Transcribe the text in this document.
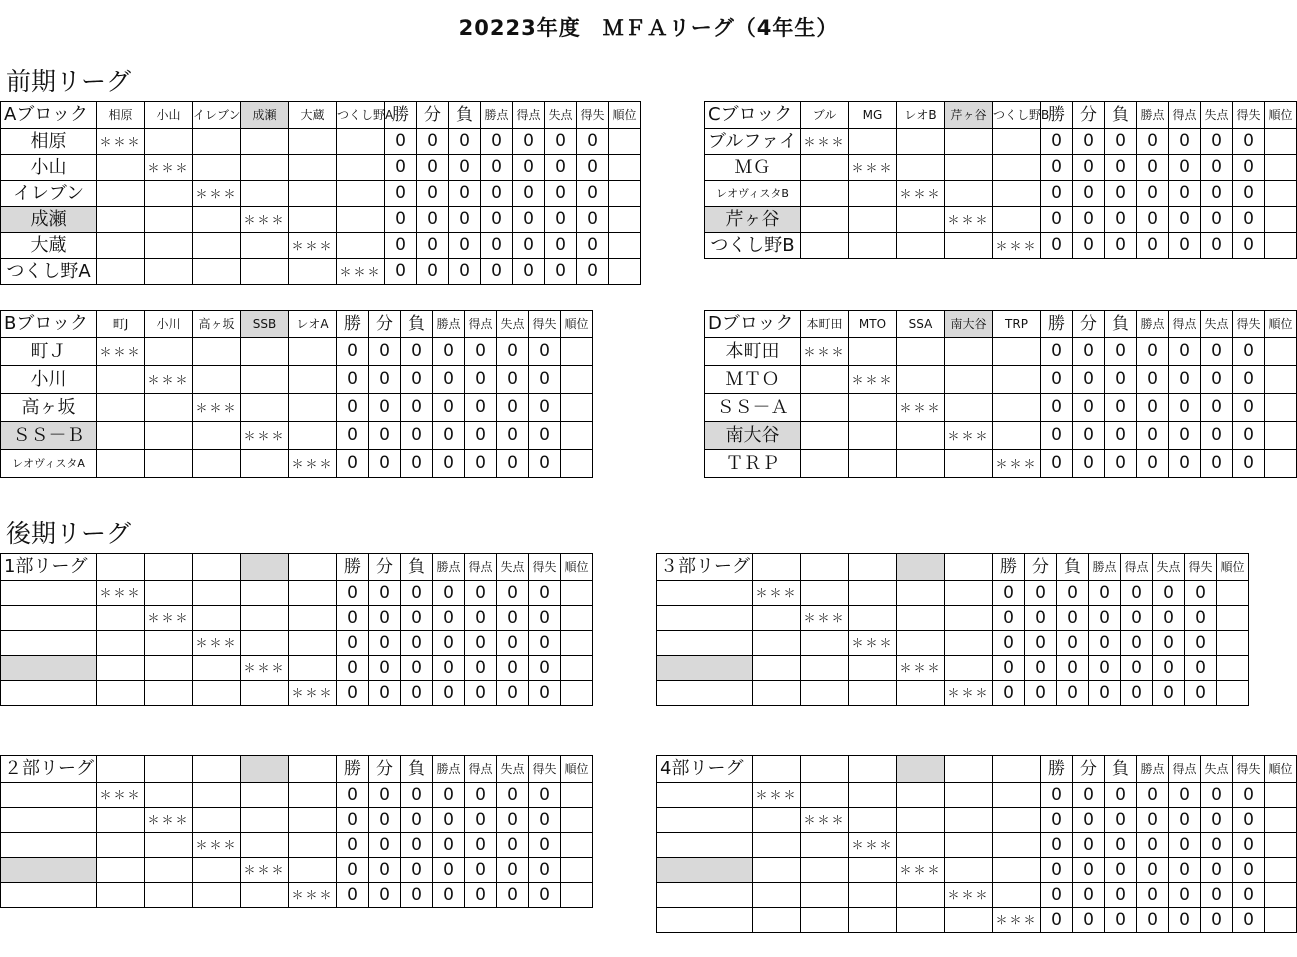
20223年度　ＭＦＡリーグ（4年生）
前期リーグ
後期リーグ
Aブロック	相原	小山	イレブン	成瀬	大蔵	つくし野A	勝	分	負	勝点	得点	失点	得失	順位
相原	＊＊＊						0	0	0	0	0	0	0	
小山		＊＊＊					0	0	0	0	0	0	0	
イレブン			＊＊＊				0	0	0	0	0	0	0	
成瀬				＊＊＊			0	0	0	0	0	0	0	
大蔵					＊＊＊		0	0	0	0	0	0	0	
つくし野A						＊＊＊	0	0	0	0	0	0	0	
Cブロック	ブル	MG	レオB	芹ヶ谷	つくし野B	勝	分	負	勝点	得点	失点	得失	順位
ブルファイ	＊＊＊					0	0	0	0	0	0	0	
ＭＧ		＊＊＊				0	0	0	0	0	0	0	
レオヴィスタB			＊＊＊			0	0	0	0	0	0	0	
芹ヶ谷				＊＊＊		0	0	0	0	0	0	0	
つくし野B					＊＊＊	0	0	0	0	0	0	0	
Bブロック	町J	小川	高ヶ坂	SSB	レオA	勝	分	負	勝点	得点	失点	得失	順位
町Ｊ	＊＊＊					0	0	0	0	0	0	0	
小川		＊＊＊				0	0	0	0	0	0	0	
高ヶ坂			＊＊＊			0	0	0	0	0	0	0	
ＳＳ－Ｂ				＊＊＊		0	0	0	0	0	0	0	
レオヴィスタA					＊＊＊	0	0	0	0	0	0	0	
Dブロック	本町田	MTO	SSA	南大谷	TRP	勝	分	負	勝点	得点	失点	得失	順位
本町田	＊＊＊					0	0	0	0	0	0	0	
ＭＴＯ		＊＊＊				0	0	0	0	0	0	0	
ＳＳ－Ａ			＊＊＊			0	0	0	0	0	0	0	
南大谷				＊＊＊		0	0	0	0	0	0	0	
ＴＲＰ					＊＊＊	0	0	0	0	0	0	0	
1部リーグ						勝	分	負	勝点	得点	失点	得失	順位
	＊＊＊					0	0	0	0	0	0	0	
		＊＊＊				0	0	0	0	0	0	0	
			＊＊＊			0	0	0	0	0	0	0	
				＊＊＊		0	0	0	0	0	0	0	
					＊＊＊	0	0	0	0	0	0	0	
３部リーグ						勝	分	負	勝点	得点	失点	得失	順位
	＊＊＊					0	0	0	0	0	0	0	
		＊＊＊				0	0	0	0	0	0	0	
			＊＊＊			0	0	0	0	0	0	0	
				＊＊＊		0	0	0	0	0	0	0	
					＊＊＊	0	0	0	0	0	0	0	
２部リーグ						勝	分	負	勝点	得点	失点	得失	順位
	＊＊＊					0	0	0	0	0	0	0	
		＊＊＊				0	0	0	0	0	0	0	
			＊＊＊			0	0	0	0	0	0	0	
				＊＊＊		0	0	0	0	0	0	0	
					＊＊＊	0	0	0	0	0	0	0	
4部リーグ							勝	分	負	勝点	得点	失点	得失	順位
	＊＊＊						0	0	0	0	0	0	0	
		＊＊＊					0	0	0	0	0	0	0	
			＊＊＊				0	0	0	0	0	0	0	
				＊＊＊			0	0	0	0	0	0	0	
					＊＊＊		0	0	0	0	0	0	0	
						＊＊＊	0	0	0	0	0	0	0	
